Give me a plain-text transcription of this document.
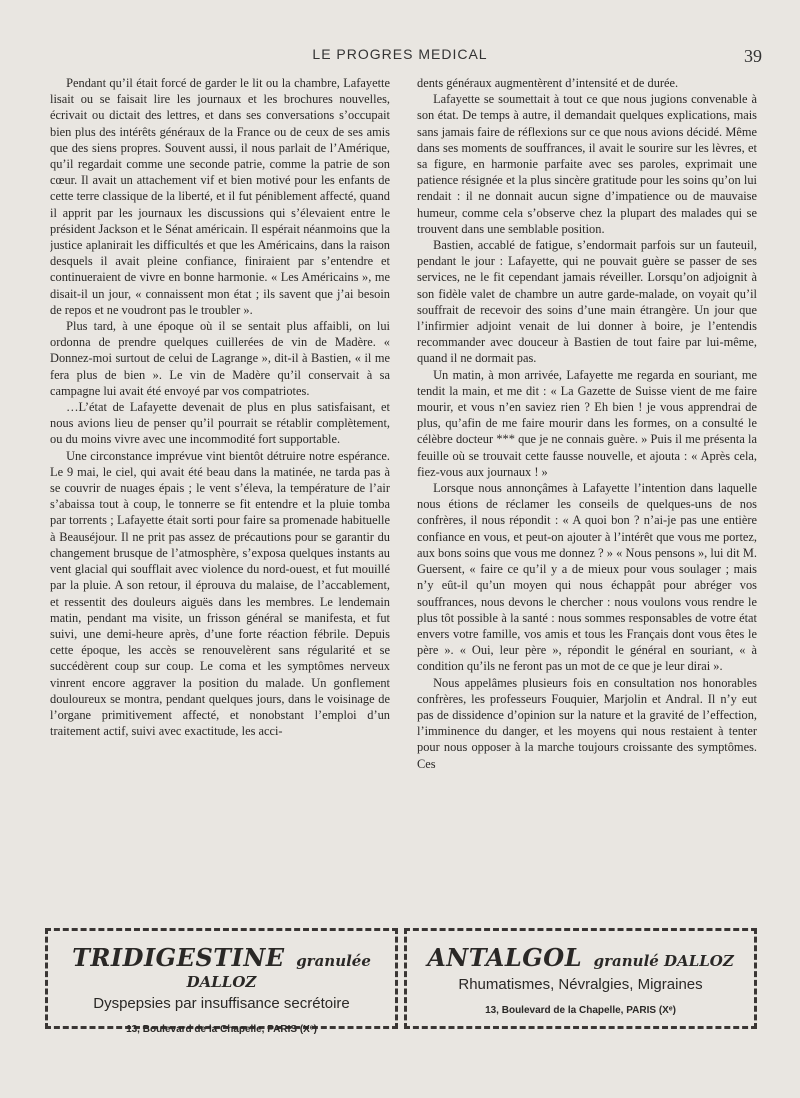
LE PROGRES MEDICAL	39

Pendant qu’il était forcé de garder le lit ou la chambre, Lafayette lisait ou se faisait lire les journaux et les brochures nouvelles, écrivait ou dictait des lettres, et dans ses conversations s’occupait bien plus des intérêts généraux de la France ou de ceux de ses amis que des siens propres. Souvent aussi, il nous parlait de l’Amérique, qu’il regardait comme une seconde patrie, comme la patrie de son cœur. Il avait un attachement vif et bien motivé pour les enfants de cette terre classique de la liberté, et il fut péniblement affecté, quand il apprit par les journaux les discussions qui s’élevaient entre le président Jackson et le Sénat américain. Il espérait néanmoins que la justice aplanirait les difficultés et que les Américains, dans la raison desquels il avait pleine confiance, finiraient par s’entendre et continueraient de vivre en bonne harmonie. « Les Américains », me disait-il un jour, « connaissent mon état ; ils savent que j’ai besoin de repos et ne voudront pas le troubler ».

Plus tard, à une époque où il se sentait plus affaibli, on lui ordonna de prendre quelques cuillerées de vin de Madère. « Donnez-moi surtout de celui de Lagrange », dit-il à Bastien, « il me fera plus de bien ». Le vin de Madère qu’il conservait à sa campagne lui avait été envoyé par vos compatriotes.

…L’état de Lafayette devenait de plus en plus satisfaisant, et nous avions lieu de penser qu’il pourrait se rétablir complètement, ou du moins vivre avec une incommodité fort supportable.

Une circonstance imprévue vint bientôt détruire notre espérance. Le 9 mai, le ciel, qui avait été beau dans la matinée, ne tarda pas à se couvrir de nuages épais ; le vent s’éleva, la température de l’air s’abaissa tout à coup, le tonnerre se fit entendre et la pluie tomba par torrents ; Lafayette était sorti pour faire sa promenade habituelle à Beauséjour. Il ne prit pas assez de précautions pour se garantir du changement brusque de l’atmosphère, s’exposa quelques instants au vent glacial qui soufflait avec violence du nord-ouest, et fut mouillé par la pluie. A son retour, il éprouva du malaise, de l’accablement, et ressentit des douleurs aiguës dans les membres. Le lendemain matin, pendant ma visite, un frisson général se manifesta, et fut suivi, une demi-heure après, d’une forte réaction fébrile. Depuis cette époque, les accès se renouvelèrent sans régularité et se succédèrent coup sur coup. Le coma et les symptômes nerveux vinrent encore aggraver la position du malade. Un gonflement douloureux se montra, pendant quelques jours, dans le voisinage de l’organe primitivement affecté, et nonobstant l’emploi d’un traitement actif, suivi avec exactitude, les acci-

dents généraux augmentèrent d’intensité et de durée.

Lafayette se soumettait à tout ce que nous jugions convenable à son état. De temps à autre, il demandait quelques explications, mais sans jamais faire de réflexions sur ce que nous avions décidé. Même dans ses moments de souffrances, il avait le sourire sur les lèvres, et sa figure, en harmonie parfaite avec ses paroles, exprimait une patience résignée et la plus sincère gratitude pour les soins qu’on lui rendait : il ne donnait aucun signe d’impatience ou de mauvaise humeur, comme cela s’observe chez la plupart des malades qui se trouvent dans une semblable position.

Bastien, accablé de fatigue, s’endormait parfois sur un fauteuil, pendant le jour : Lafayette, qui ne pouvait guère se passer de ses services, ne le fit cependant jamais réveiller. Lorsqu’on adjoignit à son fidèle valet de chambre un autre garde-malade, on voyait qu’il souffrait de recevoir des soins d’une main étrangère. Un jour que l’infirmier adjoint venait de lui donner à boire, je l’entendis recommander avec douceur à Bastien de tout faire par lui-même, quand il ne dormait pas.

Un matin, à mon arrivée, Lafayette me regarda en souriant, me tendit la main, et me dit : « La Gazette de Suisse vient de me faire mourir, et vous n’en saviez rien ? Eh bien ! je vous apprendrai de plus, qu’afin de me faire mourir dans les formes, on a consulté le célèbre docteur *** que je ne connais guère. » Puis il me présenta la feuille où se trouvait cette fausse nouvelle, et ajouta : « Après cela, fiez-vous aux journaux ! »

Lorsque nous annonçâmes à Lafayette l’intention dans laquelle nous étions de réclamer les conseils de quelques-uns de nos confrères, il nous répondit : « A quoi bon ? n’ai-je pas une entière confiance en vous, et peut-on ajouter à l’intérêt que vous me portez, aux bons soins que vous me donnez ? » « Nous pensons », lui dit M. Guersent, « faire ce qu’il y a de mieux pour vous soulager ; mais n’y eût-il qu’un moyen qui nous échappât pour abréger vos souffrances, nous devons le chercher : nous voulons vous rendre le plus tôt possible à la santé : nous sommes responsables de votre état envers votre famille, vos amis et tous les Français dont vous êtes le père ». « Oui, leur père », répondit le général en souriant, « à condition qu’ils ne feront pas un mot de ce que je leur dirai ».

Nous appelâmes plusieurs fois en consultation nos honorables confrères, les professeurs Fouquier, Marjolin et Andral. Il n’y eut pas de dissidence d’opinion sur la nature et la gravité de l’effection, l’imminence du danger, et les moyens qui nous restaient à tenter pour nous opposer à la marche toujours croissante des symptômes. Ces

TRIDIGESTINE granulée DALLOZ
Dyspepsies par insuffisance secrétoire
13, Boulevard de la Chapelle, PARIS (Xᵉ)
ANTALGOL granulé DALLOZ
Rhumatismes, Névralgies, Migraines
13, Boulevard de la Chapelle, PARIS (Xᵉ)
